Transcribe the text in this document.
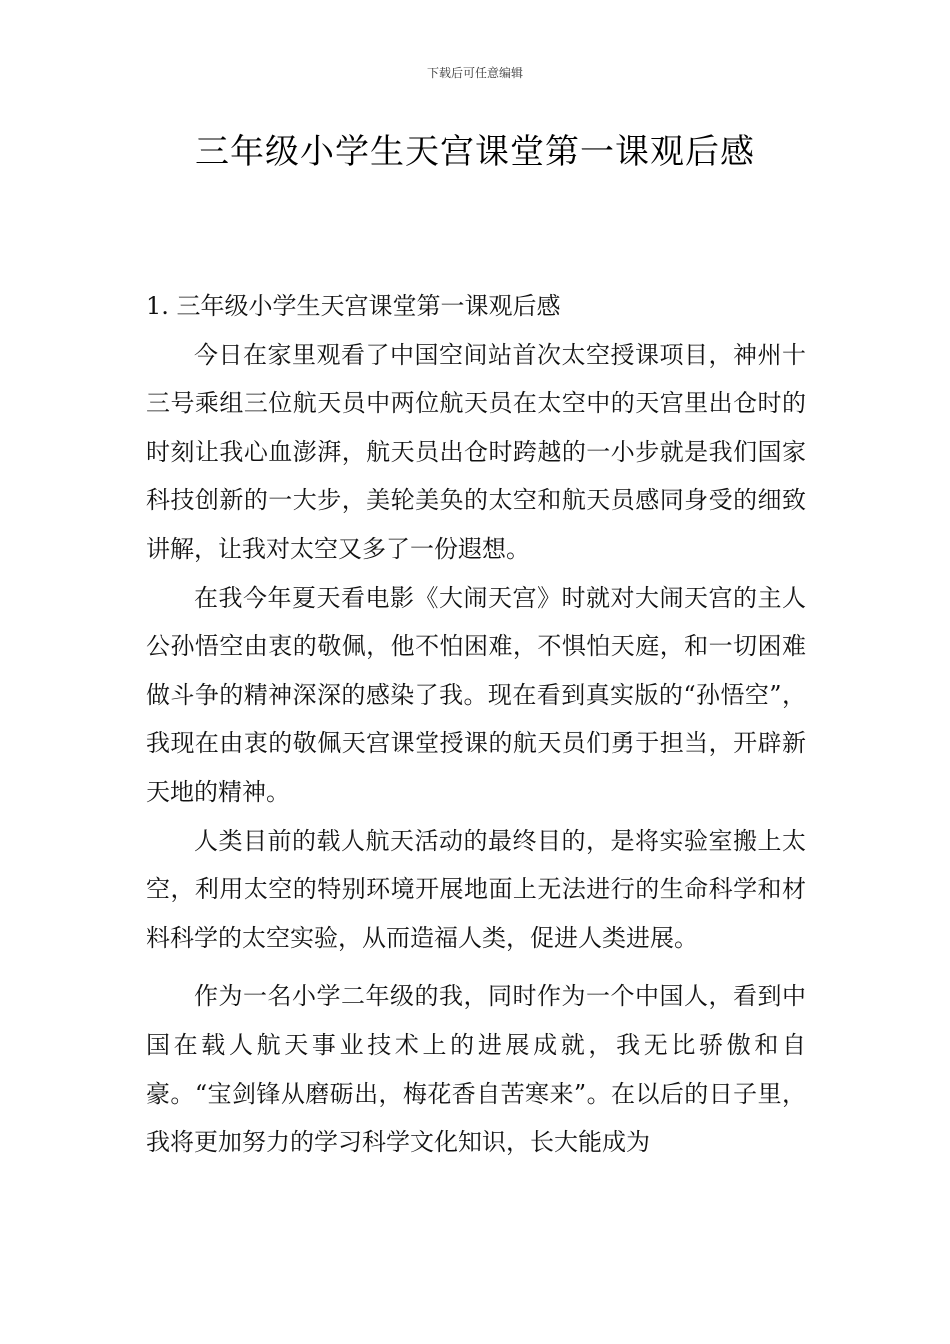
下载后可任意编辑
三年级小学生天宫课堂第一课观后感

1. 三年级小学生天宫课堂第一课观后感

今日在家里观看了中国空间站首次太空授课项目，神州十三号乘组三位航天员中两位航天员在太空中的天宫里出仓时的时刻让我心血澎湃，航天员出仓时跨越的一小步就是我们国家科技创新的一大步，美轮美奂的太空和航天员感同身受的细致讲解，让我对太空又多了一份遐想。

在我今年夏天看电影《大闹天宫》时就对大闹天宫的主人公孙悟空由衷的敬佩，他不怕困难，不惧怕天庭，和一切困难做斗争的精神深深的感染了我。现在看到真实版的“孙悟空”，我现在由衷的敬佩天宫课堂授课的航天员们勇于担当，开辟新天地的精神。

人类目前的载人航天活动的最终目的，是将实验室搬上太空，利用太空的特别环境开展地面上无法进行的生命科学和材料科学的太空实验，从而造福人类，促进人类进展。

作为一名小学二年级的我，同时作为一个中国人，看到中国在载人航天事业技术上的进展成就，我无比骄傲和自豪。“宝剑锋从磨砺出，梅花香自苦寒来”。在以后的日子里，我将更加努力的学习科学文化知识，长大能成为
